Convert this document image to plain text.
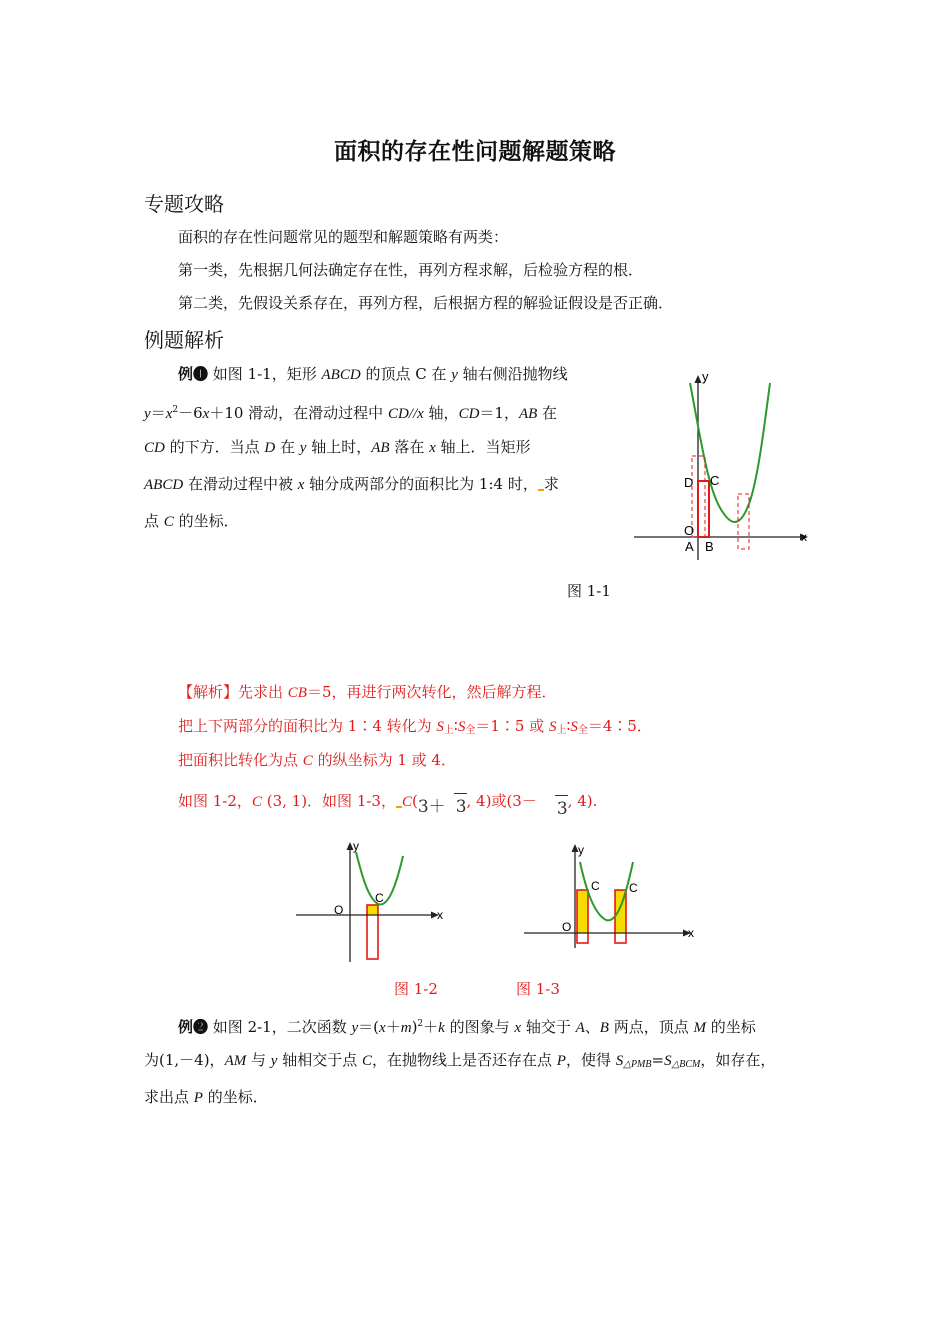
面积的存在性问题解题策略
专题攻略
面积的存在性问题常见的题型和解题策略有两类：
第一类，先根据几何法确定存在性，再列方程求解，后检验方程的根．
第二类，先假设关系存在，再列方程，后根据方程的解验证假设是否正确．
例题解析
例❶ 如图 1-1，矩形 ABCD 的顶点 C 在 y 轴右侧沿抛物线
$y=x^2-6x+10$ 滑动，在滑动过程中 CD//x 轴，CD＝1，AB 在
CD 的下方．当点 D 在 y 轴上时，AB 落在 x 轴上．当矩形
ABCD 在滑动过程中被 x 轴分成两部分的面积比为 1:4 时， 求
点 C 的坐标．
y
x
O
A B
C
D
图 1-1
【解析】先求出 CB＝5，再进行两次转化，然后解方程．
把上下两部分的面积比为 1∶4 转化为 $S_上∶S_全=1∶5$ 或 $S_上∶S_全=4∶5$．
把面积比转化为点 C 的纵坐标为 1 或 4．
如图 1-2，C (3, 1)．如图 1-3， C(3＋ 3, 4)或(3－ 3, 4).
y
x
O
C
图 1-2
y
x
O
C C
图 1-3
例❷ 如图 2-1，二次函数 $y=(x+m)^2+k$ 的图象与 x 轴交于 A、B 两点，顶点 M 的坐标
为(1,－4)，AM 与 y 轴相交于点 C，在抛物线上是否还存在点 P，使得 $S_{\triangle PMB}=S_{\triangle BCM}$，如存在，
求出点 P 的坐标．
